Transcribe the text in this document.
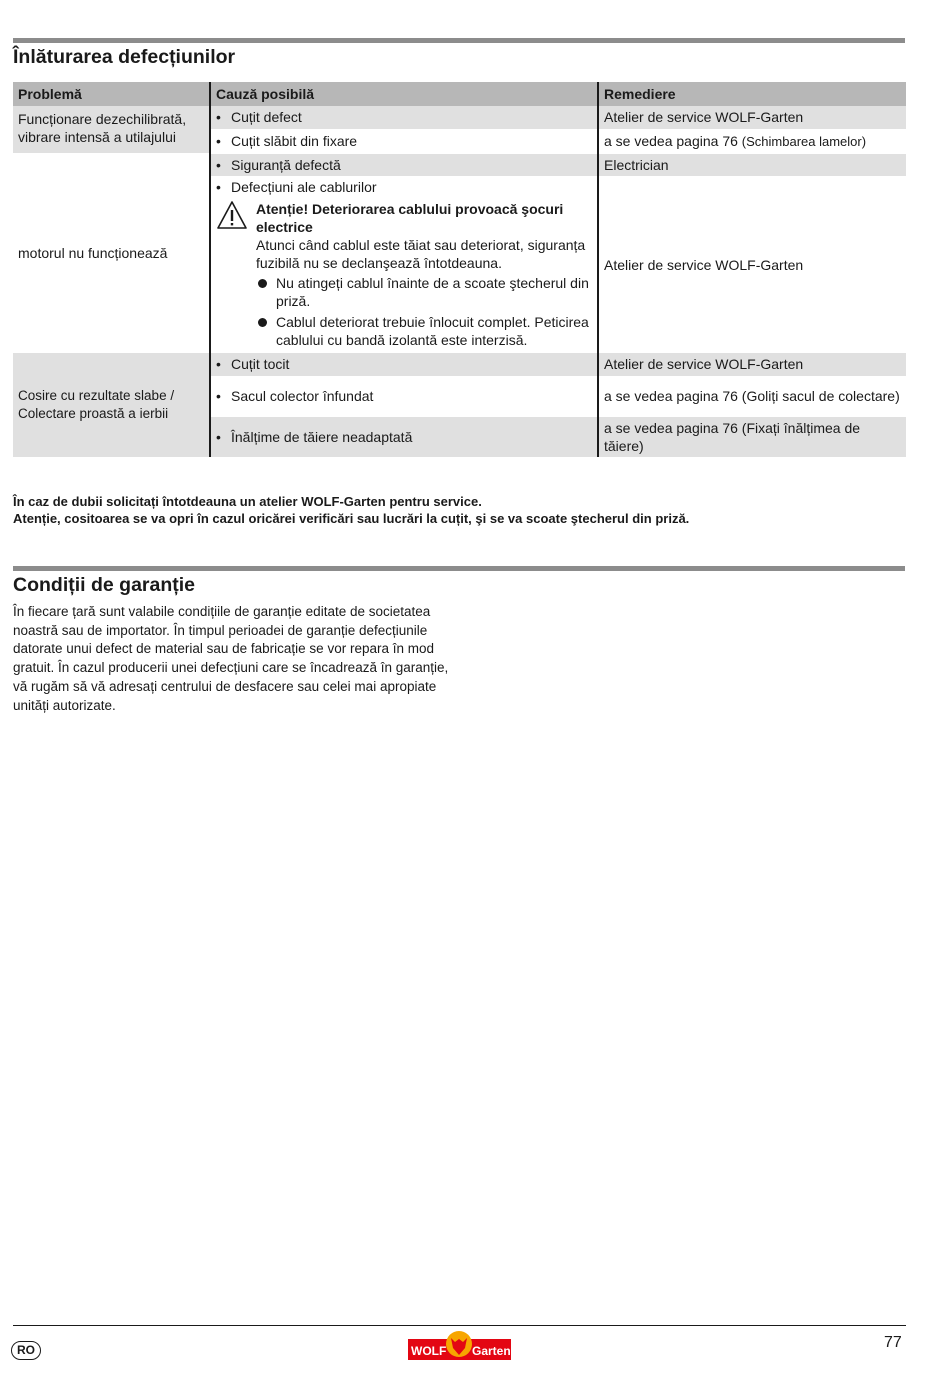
Înlăturarea defecțiunilor
Problemă	Cauză posibilă	Remediere
Funcționare dezechilibrată, vibrare intensă a utilajului	• Cuțit defect	Atelier de service WOLF-Garten
	• Cuțit slăbit din fixare	a se vedea pagina 76 (Schimbarea lamelor)
motorul nu funcționează	• Siguranță defectă	Electrician

	• Defecțiuni ale cablurilor
Atenție! Deteriorarea cablului provoacă şocuri electrice
Atunci când cablul este tăiat sau deteriorat, siguranța fuzibilă nu se declanşează întotdeauna.
Nu atingeți cablul înainte de a scoate ştecherul din priză.
Cablul deteriorat trebuie înlocuit complet. Peticirea cablului cu bandă izolantă este interzisă.	Atelier de service WOLF-Garten
Cosire cu rezultate slabe / Colectare proastă a ierbii	• Cuțit tocit	Atelier de service WOLF-Garten
	• Sacul colector înfundat	a se vedea pagina 76 (Goliți sacul de colectare)
	• Înălțime de tăiere neadaptată	a se vedea pagina 76 (Fixați înălțimea de tăiere)
În caz de dubii solicitați întotdeauna un atelier WOLF-Garten pentru service.
Atenție, cositoarea se va opri în cazul oricărei verificări sau lucrări la cuțit, şi se va scoate ştecherul din priză.
Condiții de garanție
În fiecare țară sunt valabile condițiile de garanție editate de societatea noastră sau de importator. În timpul perioadei de garanție defecțiunile datorate unui defect de material sau de fabricație se vor repara în mod gratuit. În cazul producerii unei defecțiuni care se încadrează în garanție, vă rugăm să vă adresați centrului de desfacere sau celei mai apropiate unități autorizate.
RO	WOLF Garten	77
